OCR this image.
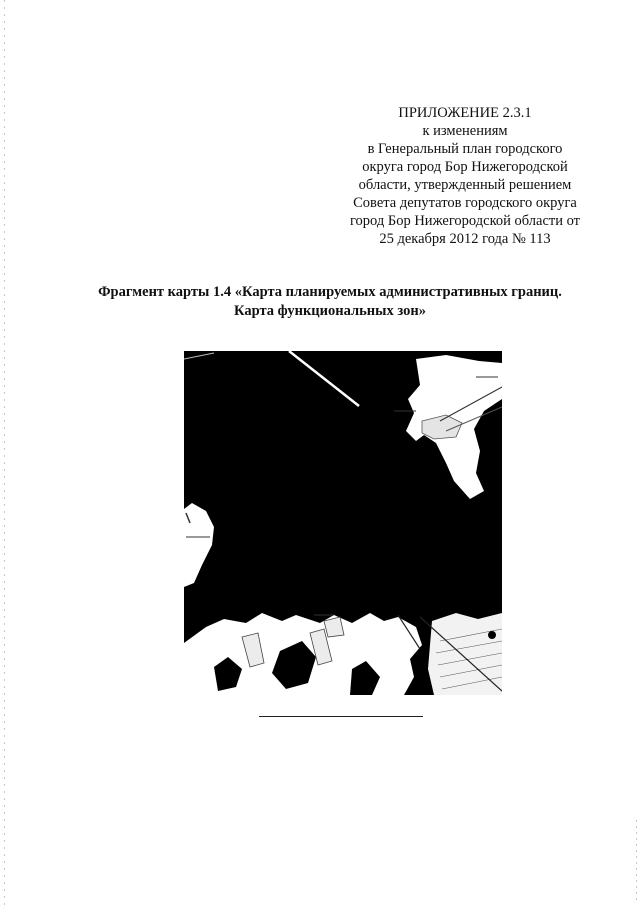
ПРИЛОЖЕНИЕ 2.3.1
к изменениям
в Генеральный план городского
округа город Бор Нижегородской
области, утвержденный решением
Совета депутатов городского округа
город Бор Нижегородской области от
25 декабря 2012 года № 113
Фрагмент карты 1.4 «Карта планируемых административных границ.
Карта функциональных зон»
